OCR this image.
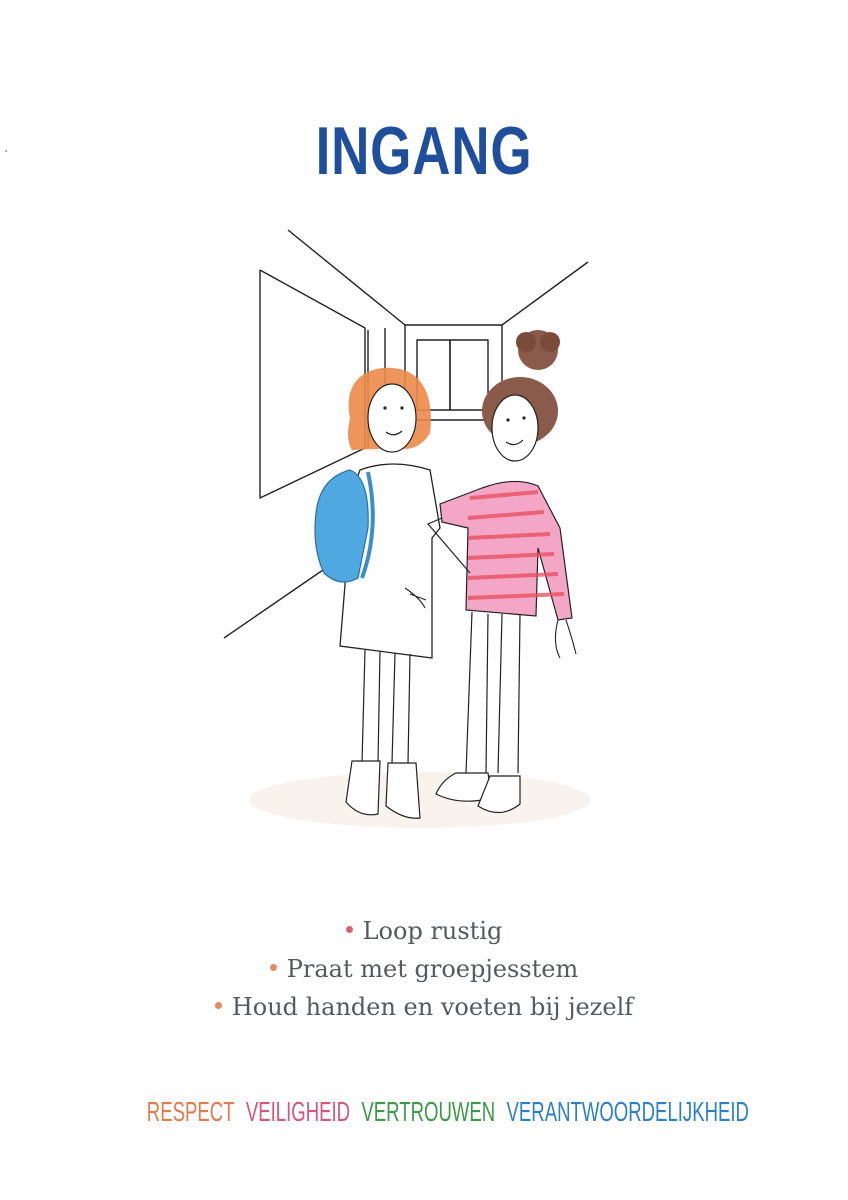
INGANG
Loop rustig
Praat met groepjesstem
Houd handen en voeten bij jezelf
RESPECT VEILIGHEID VERTROUWEN VERANTWOORDELIJKHEID
